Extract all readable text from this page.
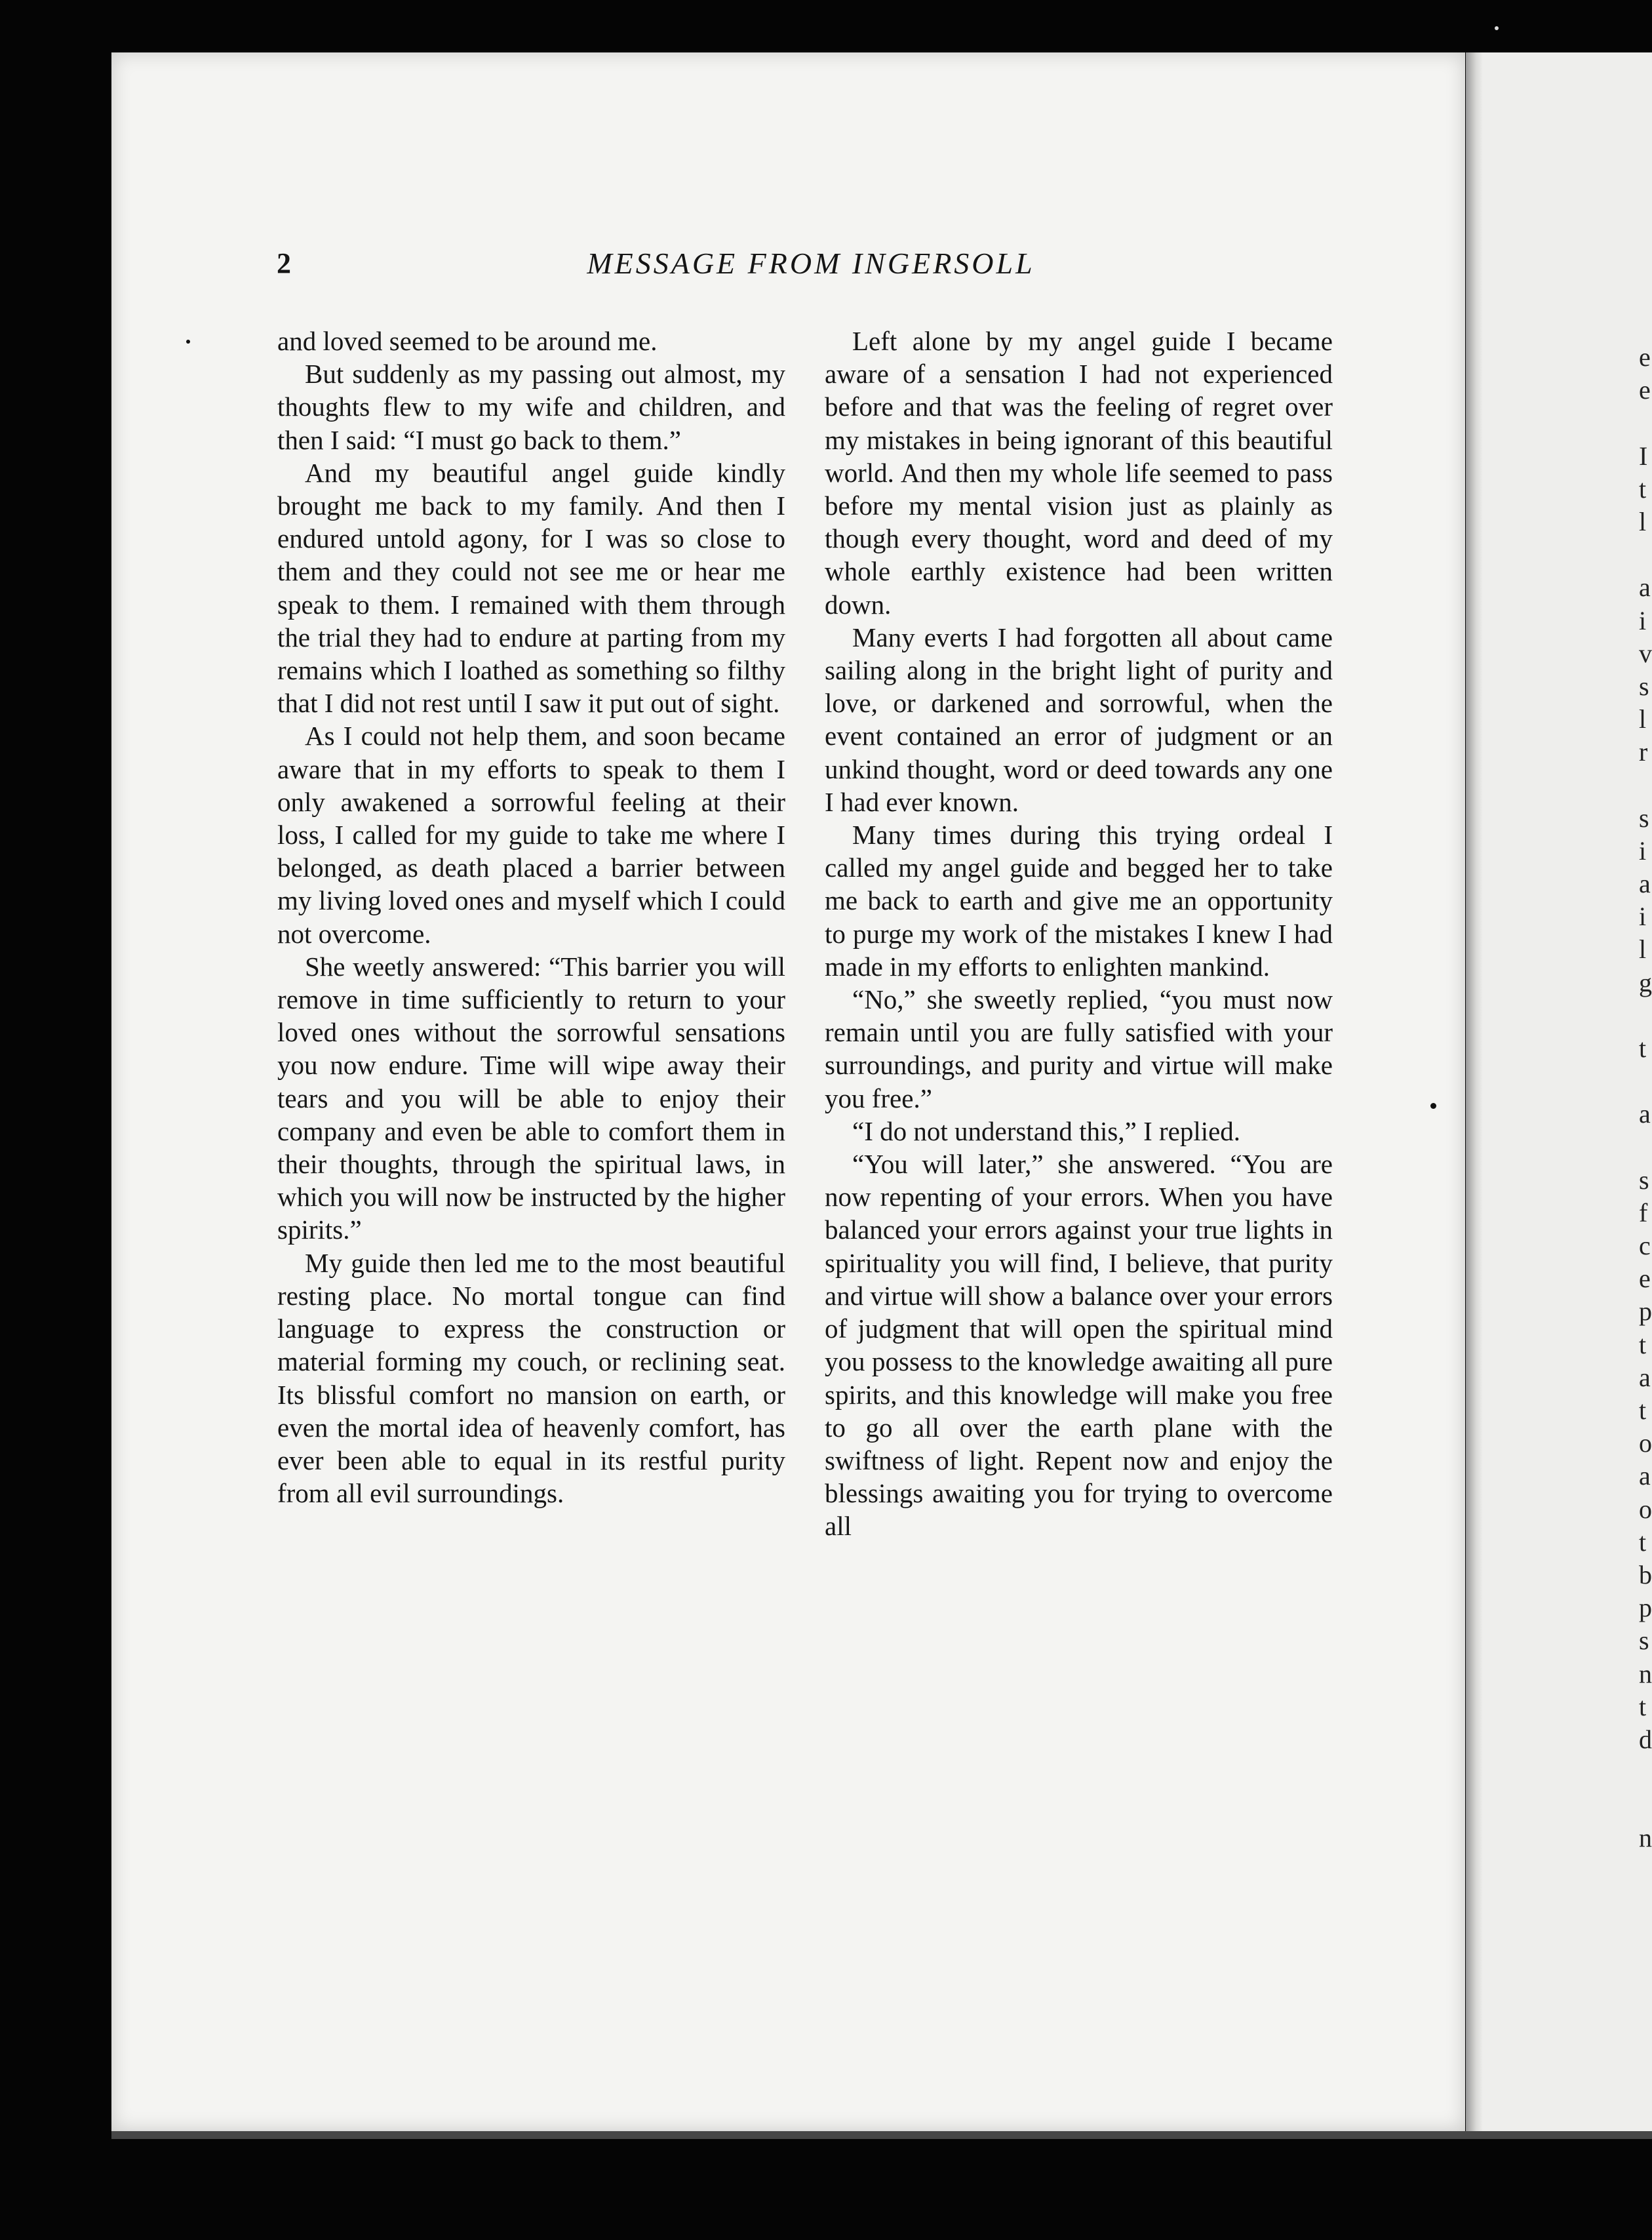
2	MESSAGE FROM INGERSOLL

and loved seemed to be around me.

But suddenly as my passing out almost, my thoughts flew to my wife and children, and then I said: “I must go back to them.”

And my beautiful angel guide kindly brought me back to my family. And then I endured untold agony, for I was so close to them and they could not see me or hear me speak to them. I remained with them through the trial they had to endure at parting from my remains which I loathed as something so filthy that I did not rest until I saw it put out of sight.

As I could not help them, and soon became aware that in my efforts to speak to them I only awakened a sorrowful feeling at their loss, I called for my guide to take me where I belonged, as death placed a barrier between my living loved ones and myself which I could not overcome.

She weetly answered: “This barrier you will remove in time sufficiently to return to your loved ones without the sorrowful sensations you now endure. Time will wipe away their tears and you will be able to enjoy their company and even be able to comfort them in their thoughts, through the spiritual laws, in which you will now be instructed by the higher spirits.”

My guide then led me to the most beautiful resting place. No mortal tongue can find language to express the construction or material forming my couch, or reclining seat. Its blissful comfort no mansion on earth, or even the mortal idea of heavenly comfort, has ever been able to equal in its restful purity from all evil surroundings.

Left alone by my angel guide I became aware of a sensation I had not experienced before and that was the feeling of regret over my mistakes in being ignorant of this beautiful world. And then my whole life seemed to pass before my mental vision just as plainly as though every thought, word and deed of my whole earthly existence had been written down.

Many everts I had forgotten all about came sailing along in the bright light of purity and love, or darkened and sorrowful, when the event contained an error of judgment or an unkind thought, word or deed towards any one I had ever known.

Many times during this trying ordeal I called my angel guide and begged her to take me back to earth and give me an opportunity to purge my work of the mistakes I knew I had made in my efforts to enlighten mankind.

“No,” she sweetly replied, “you must now remain until you are fully satisfied with your surroundings, and purity and virtue will make you free.”

“I do not understand this,” I replied.

“You will later,” she answered. “You are now repenting of your errors. When you have balanced your errors against your true lights in spirituality you will find, I believe, that purity and virtue will show a balance over your errors of judgment that will open the spiritual mind you possess to the knowledge awaiting all pure spirits, and this knowledge will make you free to go all over the earth plane with the swiftness of light. Repent now and enjoy the blessings awaiting you for trying to overcome all

e
e
I
t
l
a
i
v
s
l
r
s
i
a
i
l
g
t
a
s
f
c
e
p
t
a
t
o
a
o
t
b
p
s
n
t
d
n
